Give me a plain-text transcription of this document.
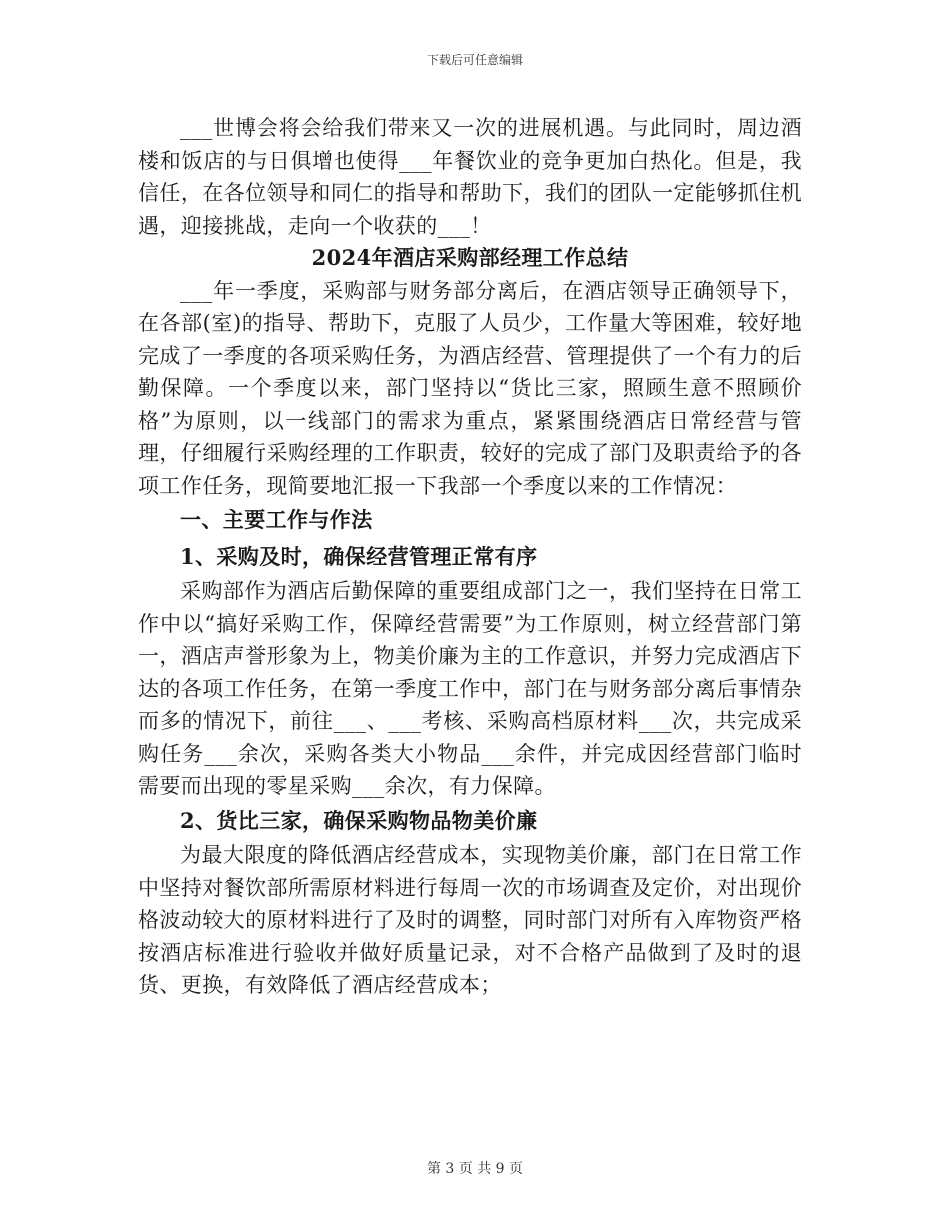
下载后可任意编辑

___世博会将会给我们带来又一次的进展机遇。与此同时，周边酒楼和饭店的与日俱增也使得___年餐饮业的竞争更加白热化。但是，我信任，在各位领导和同仁的指导和帮助下，我们的团队一定能够抓住机遇，迎接挑战，走向一个收获的___！

2024年酒店采购部经理工作总结

___年一季度，采购部与财务部分离后，在酒店领导正确领导下，在各部(室)的指导、帮助下，克服了人员少，工作量大等困难，较好地完成了一季度的各项采购任务，为酒店经营、管理提供了一个有力的后勤保障。一个季度以来，部门坚持以“货比三家，照顾生意不照顾价格”为原则，以一线部门的需求为重点，紧紧围绕酒店日常经营与管理，仔细履行采购经理的工作职责，较好的完成了部门及职责给予的各项工作任务，现简要地汇报一下我部一个季度以来的工作情况：

一、主要工作与作法

1、采购及时，确保经营管理正常有序

采购部作为酒店后勤保障的重要组成部门之一，我们坚持在日常工作中以“搞好采购工作，保障经营需要”为工作原则，树立经营部门第一，酒店声誉形象为上，物美价廉为主的工作意识，并努力完成酒店下达的各项工作任务，在第一季度工作中，部门在与财务部分离后事情杂而多的情况下，前往___、___考核、采购高档原材料___次，共完成采购任务___余次，采购各类大小物品___余件，并完成因经营部门临时需要而出现的零星采购___余次，有力保障。

2、货比三家，确保采购物品物美价廉

为最大限度的降低酒店经营成本，实现物美价廉，部门在日常工作中坚持对餐饮部所需原材料进行每周一次的市场调查及定价，对出现价格波动较大的原材料进行了及时的调整，同时部门对所有入库物资严格按酒店标准进行验收并做好质量记录，对不合格产品做到了及时的退货、更换，有效降低了酒店经营成本；

第 3 页 共 9 页
